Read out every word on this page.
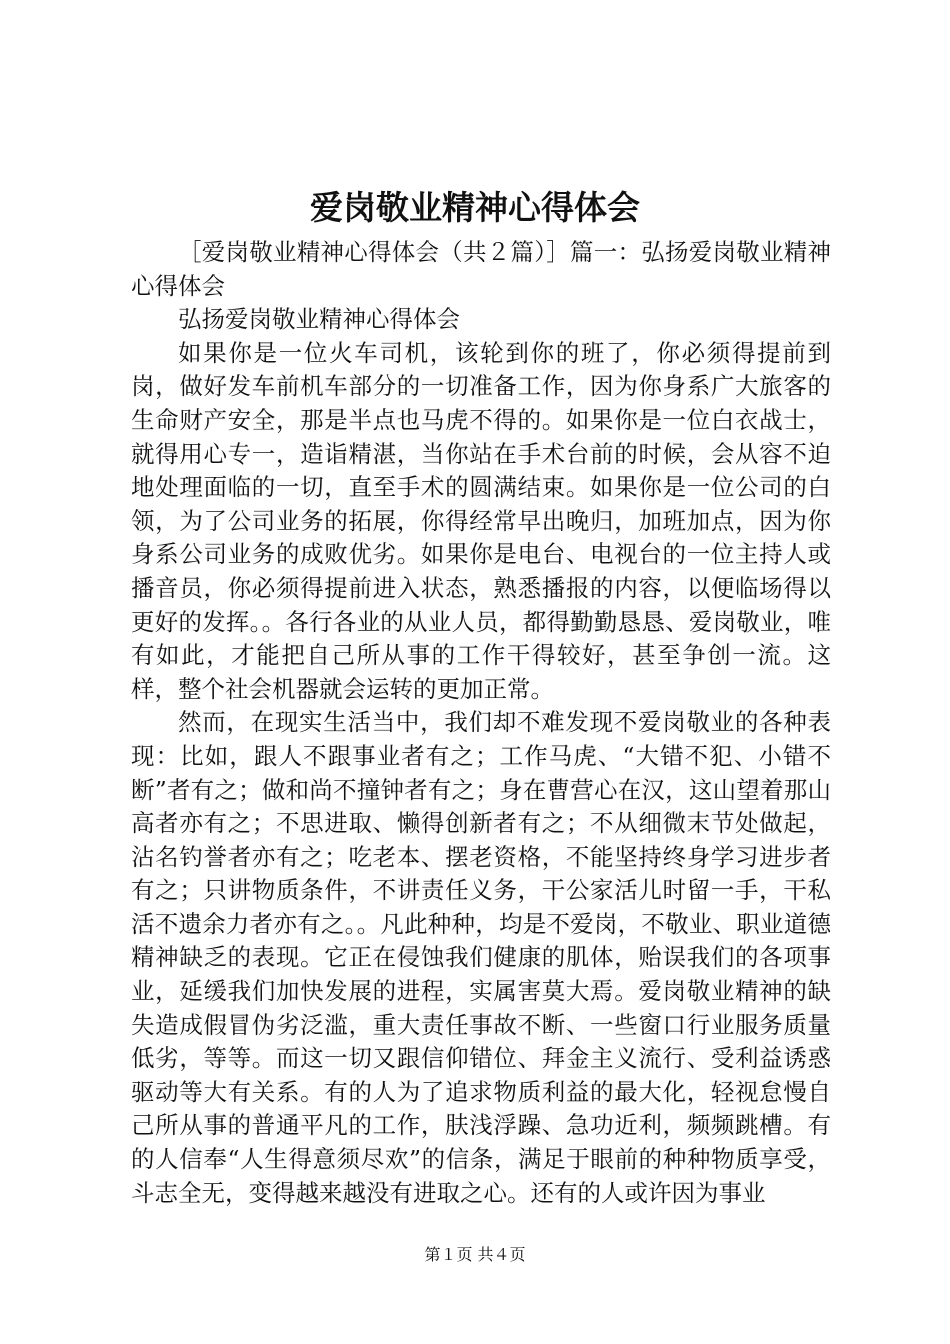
爱岗敬业精神心得体会

［爱岗敬业精神心得体会（共２篇）］篇一：弘扬爱岗敬业精神心得体会

弘扬爱岗敬业精神心得体会

如果你是一位火车司机，该轮到你的班了，你必须得提前到岗，做好发车前机车部分的一切准备工作，因为你身系广大旅客的生命财产安全，那是半点也马虎不得的。如果你是一位白衣战士，就得用心专一，造诣精湛，当你站在手术台前的时候，会从容不迫地处理面临的一切，直至手术的圆满结束。如果你是一位公司的白领，为了公司业务的拓展，你得经常早出晚归，加班加点，因为你身系公司业务的成败优劣。如果你是电台、电视台的一位主持人或播音员，你必须得提前进入状态，熟悉播报的内容，以便临场得以更好的发挥。。各行各业的从业人员，都得勤勤恳恳、爱岗敬业，唯有如此，才能把自己所从事的工作干得较好，甚至争创一流。这样，整个社会机器就会运转的更加正常。

然而，在现实生活当中，我们却不难发现不爱岗敬业的各种表现：比如，跟人不跟事业者有之；工作马虎、“大错不犯、小错不断”者有之；做和尚不撞钟者有之；身在曹营心在汉，这山望着那山高者亦有之；不思进取、懒得创新者有之；不从细微末节处做起，沾名钓誉者亦有之；吃老本、摆老资格，不能坚持终身学习进步者有之；只讲物质条件，不讲责任义务，干公家活儿时留一手，干私活不遗余力者亦有之。。凡此种种，均是不爱岗，不敬业、职业道德精神缺乏的表现。它正在侵蚀我们健康的肌体，贻误我们的各项事业，延缓我们加快发展的进程，实属害莫大焉。爱岗敬业精神的缺失造成假冒伪劣泛滥，重大责任事故不断、一些窗口行业服务质量低劣，等等。而这一切又跟信仰错位、拜金主义流行、受利益诱惑驱动等大有关系。有的人为了追求物质利益的最大化，轻视怠慢自己所从事的普通平凡的工作，肤浅浮躁、急功近利，频频跳槽。有的人信奉“人生得意须尽欢”的信条，满足于眼前的种种物质享受，斗志全无，变得越来越没有进取之心。还有的人或许因为事业

第１页 共４页
